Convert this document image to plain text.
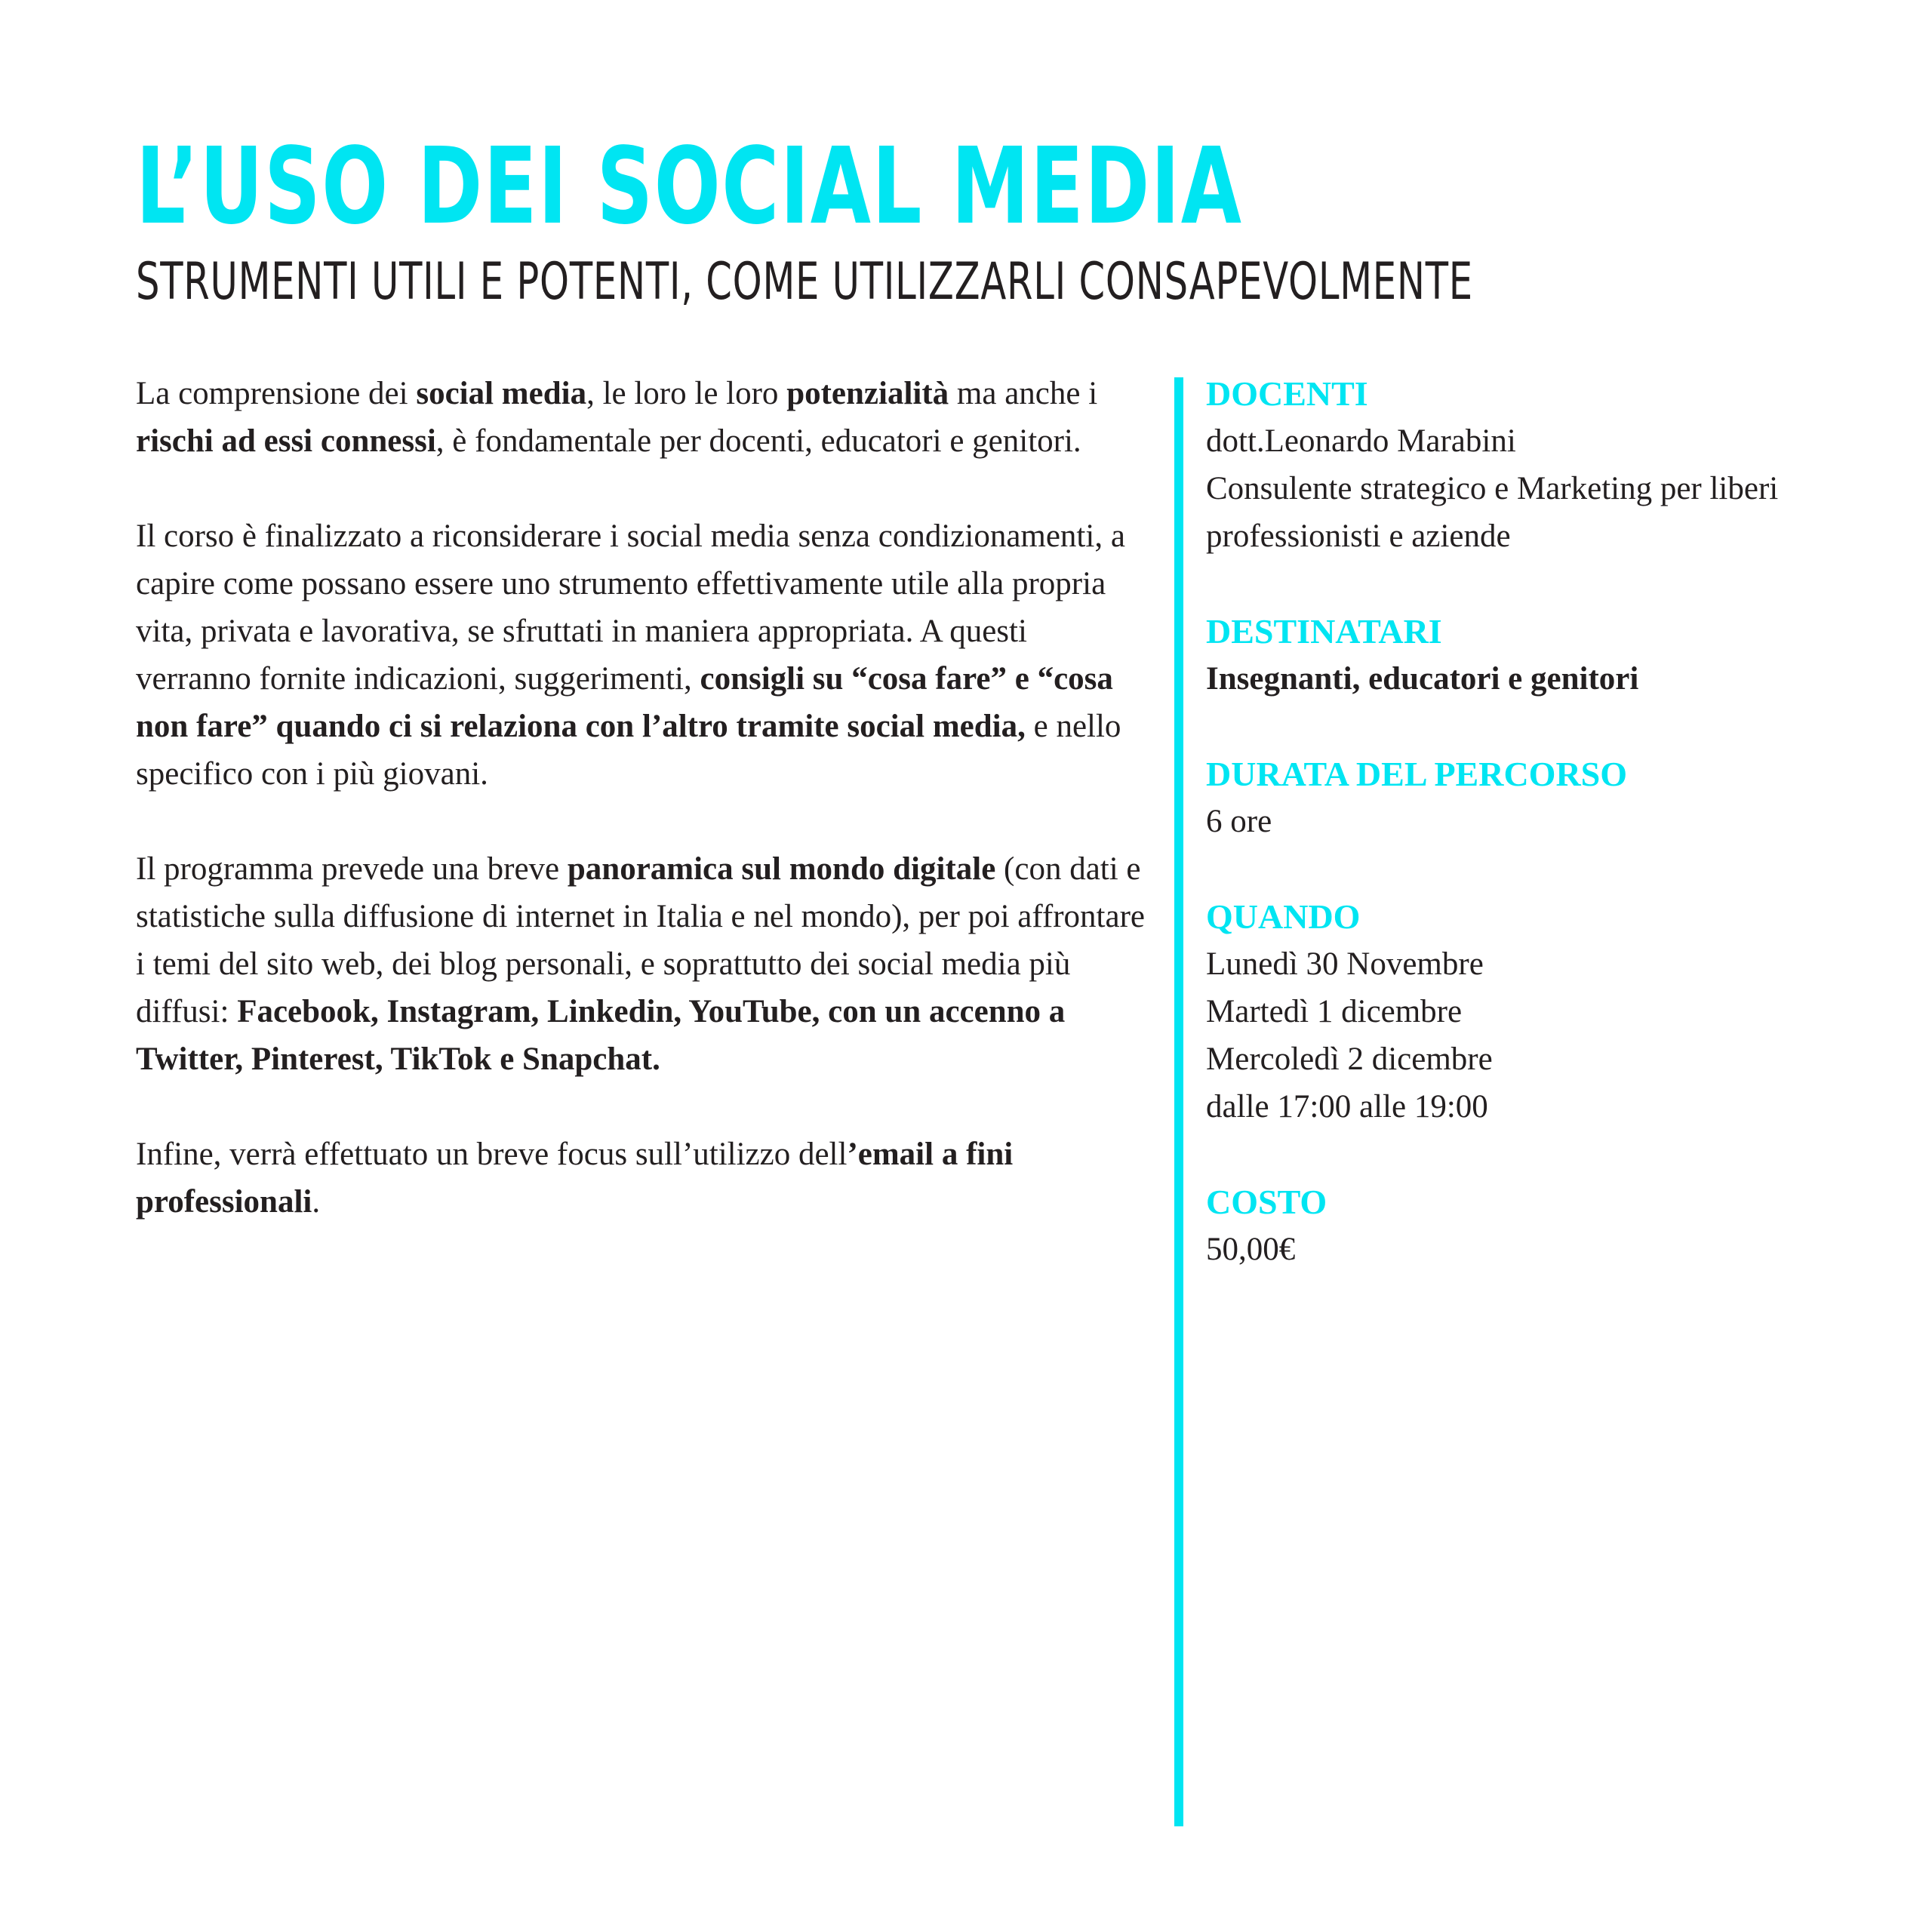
L’USO DEI SOCIAL MEDIA
STRUMENTI UTILI E POTENTI, COME UTILIZZARLI CONSAPEVOLMENTE

La comprensione dei social media, le loro le loro potenzialità ma anche i rischi ad essi connessi, è fondamentale per docenti, educatori e genitori.

Il corso è finalizzato a riconsiderare i social media senza condizionamenti, a capire come possano essere uno strumento effettivamente utile alla propria vita, privata e lavorativa, se sfruttati in maniera appropriata. A questi verranno fornite indicazioni, suggerimenti, consigli su “cosa fare” e “cosa non fare” quando ci si relaziona con l’altro tramite social media, e nello specifico con i più giovani.

Il programma prevede una breve panoramica sul mondo digitale (con dati e statistiche sulla diffusione di internet in Italia e nel mondo), per poi affrontare i temi del sito web, dei blog personali, e soprattutto dei social media più diffusi: Facebook, Instagram, Linkedin, YouTube, con un accenno a Twitter, Pinterest, TikTok e Snapchat.

Infine, verrà effettuato un breve focus sull’utilizzo dell’email a fini professionali.

DOCENTI
dott.Leonardo Marabini
Consulente strategico e Marketing per liberi professionisti e aziende
DESTINATARI
Insegnanti, educatori e genitori
DURATA DEL PERCORSO
6 ore
QUANDO
Lunedì 30 Novembre
Martedì 1 dicembre
Mercoledì 2 dicembre
dalle 17:00 alle 19:00
COSTO
50,00€
